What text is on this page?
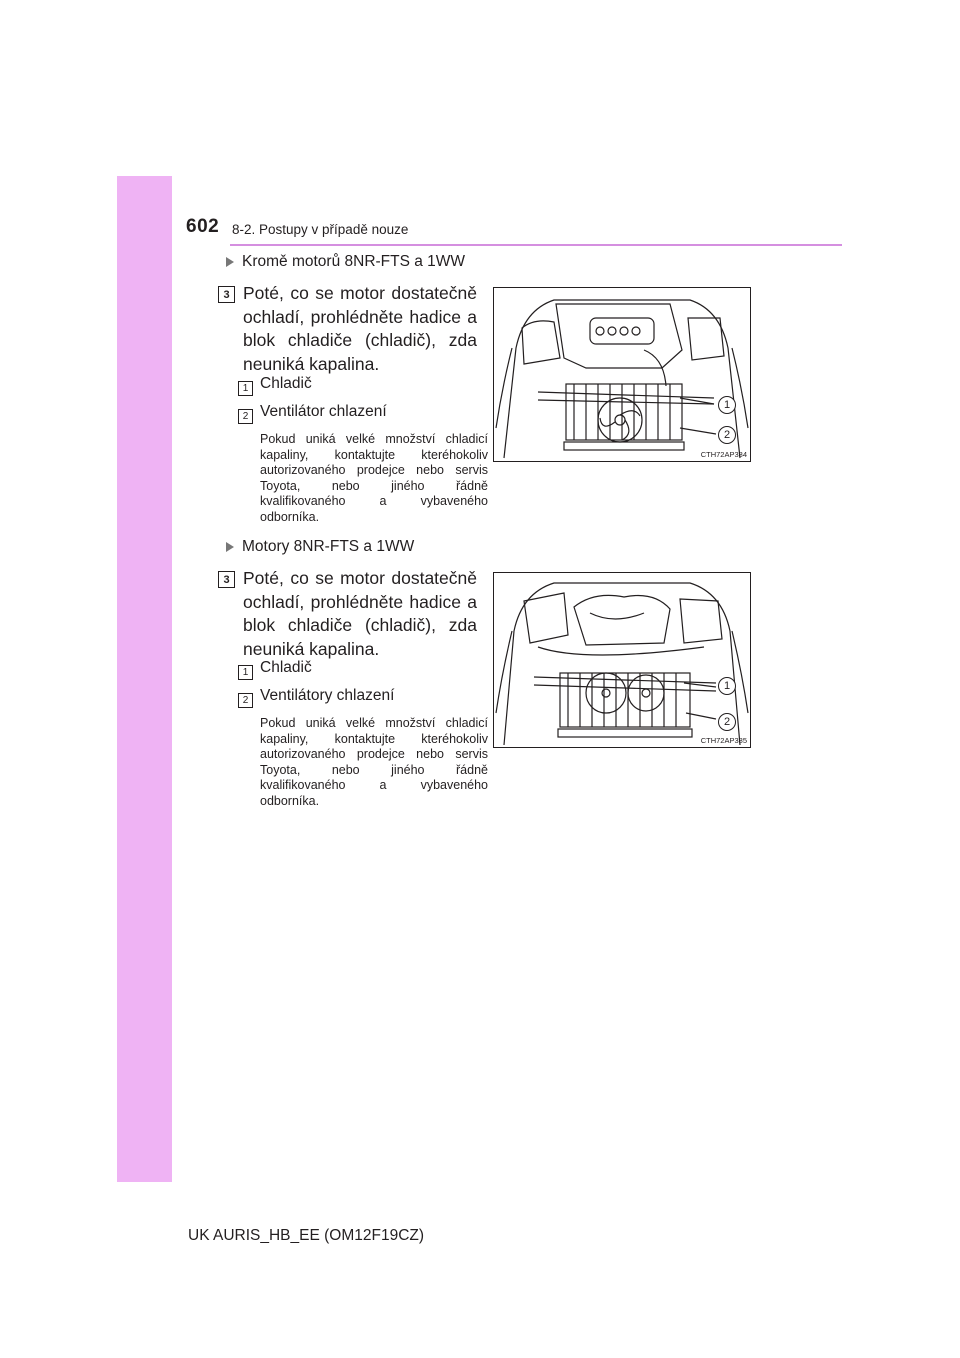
602 8-2. Postupy v případě nouze
Kromě motorů 8NR-FTS a 1WW
3 Poté, co se motor dostatečně ochladí, prohlédněte hadice a blok chladiče (chladič), zda neuniká kapalina.
1 Chladič
2 Ventilátor chlazení
Pokud uniká velké množství chladicí kapaliny, kontaktujte kteréhokoliv autorizovaného prodejce nebo servis Toyota, nebo jiného řádně kvalifikovaného a vybaveného odborníka.
1
2
CTH72AP384
Motory 8NR-FTS a 1WW
3 Poté, co se motor dostatečně ochladí, prohlédněte hadice a blok chladiče (chladič), zda neuniká kapalina.
1 Chladič
2 Ventilátory chlazení
Pokud uniká velké množství chladicí kapaliny, kontaktujte kteréhokoliv autorizovaného prodejce nebo servis Toyota, nebo jiného řádně kvalifikovaného a vybaveného odborníka.
1
2
CTH72AP385
UK AURIS_HB_EE (OM12F19CZ)
